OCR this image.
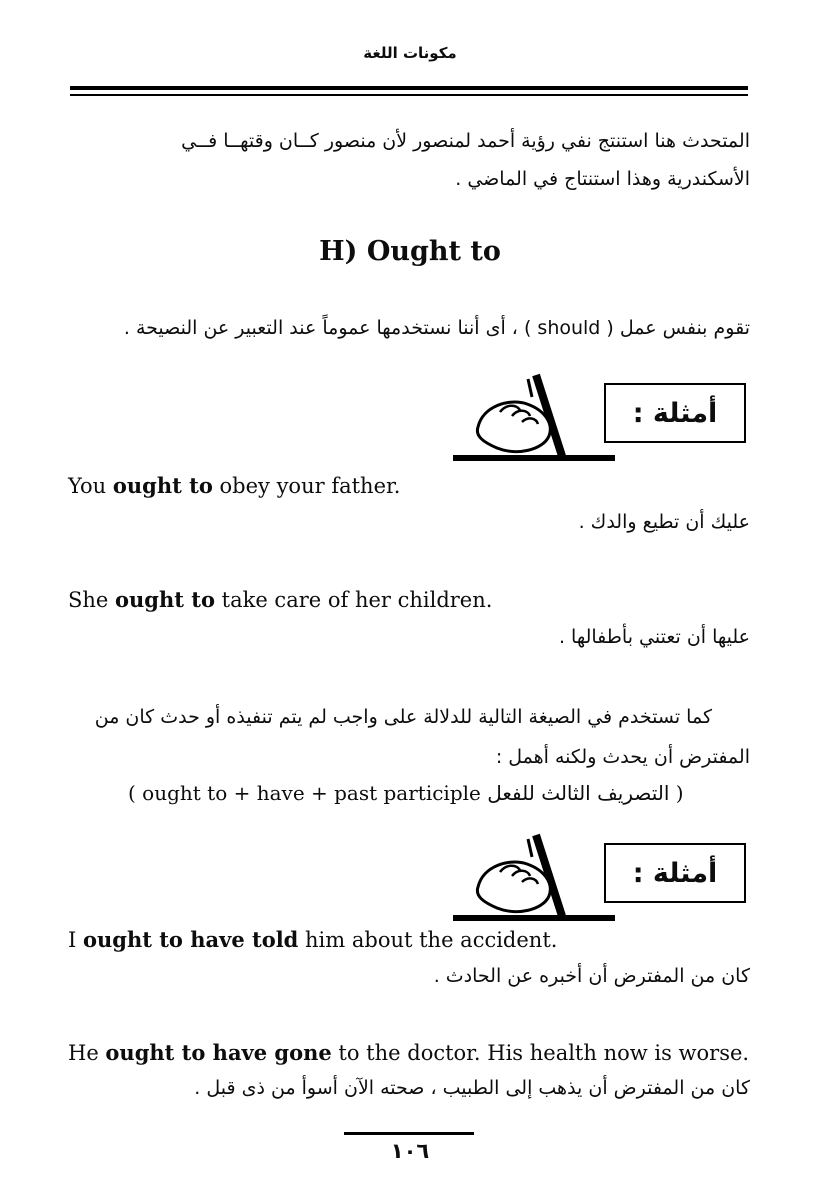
مكونات اللغة
المتحدث هنا استنتج نفي رؤية أحمد لمنصور لأن منصور كــان وقتهــا فــي
الأسكندرية وهذا استنتاج في الماضي .
H) Ought to
تقوم بنفس عمل ( should ) ، أى أننا نستخدمها عموماً عند التعبير عن النصيحة .
أمثلة :
You ought to obey your father.
عليك أن تطيع والدك .
She ought to take care of her children.
عليها أن تعتني بأطفالها .
كما تستخدم في الصيغة التالية للدلالة على واجب لم يتم تنفيذه أو حدث كان من
المفترض أن يحدث ولكنه أهمل :
( ought to + have + past participle التصريف الثالث للفعل )
أمثلة :
I ought to have told him about the accident.
كان من المفترض أن أخبره عن الحادث .
He ought to have gone to the doctor. His health now is worse.
كان من المفترض أن يذهب إلى الطبيب ، صحته الآن أسوأ من ذى قبل .
١٠٦
